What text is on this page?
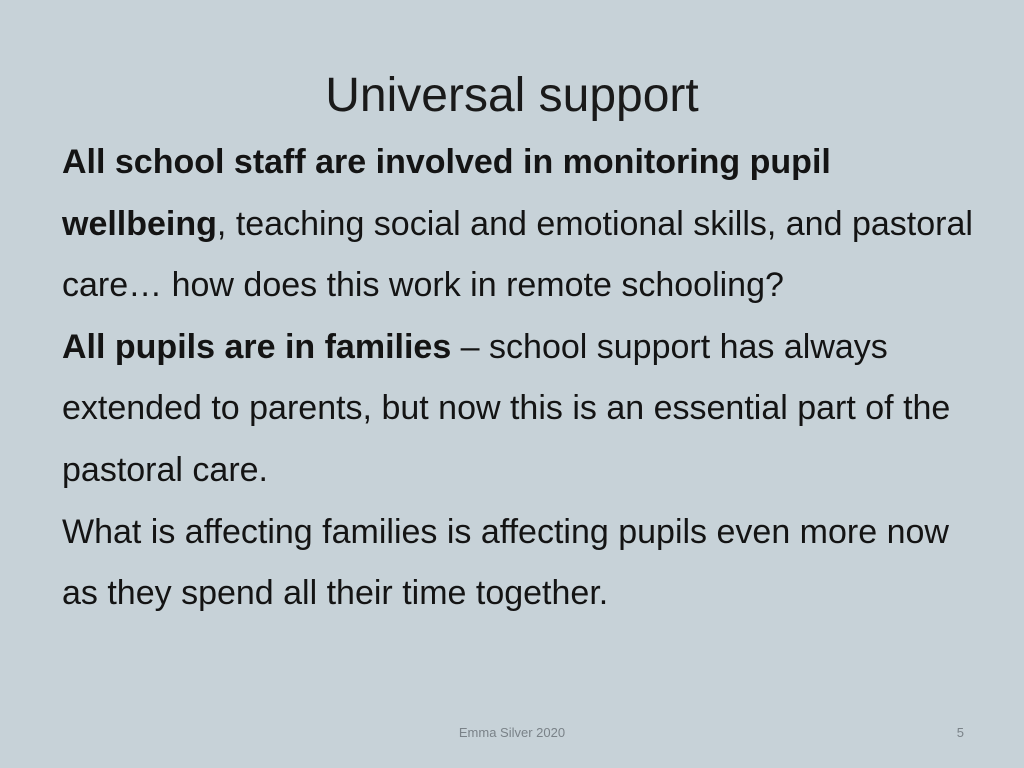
Universal support

All school staff are involved in monitoring pupil wellbeing, teaching social and emotional skills, and pastoral care… how does this work in remote schooling?

All pupils are in families – school support has always extended to parents, but now this is an essential part of the pastoral care.

What is affecting families is affecting pupils even more now as they spend all their time together.

Emma Silver 2020	5
